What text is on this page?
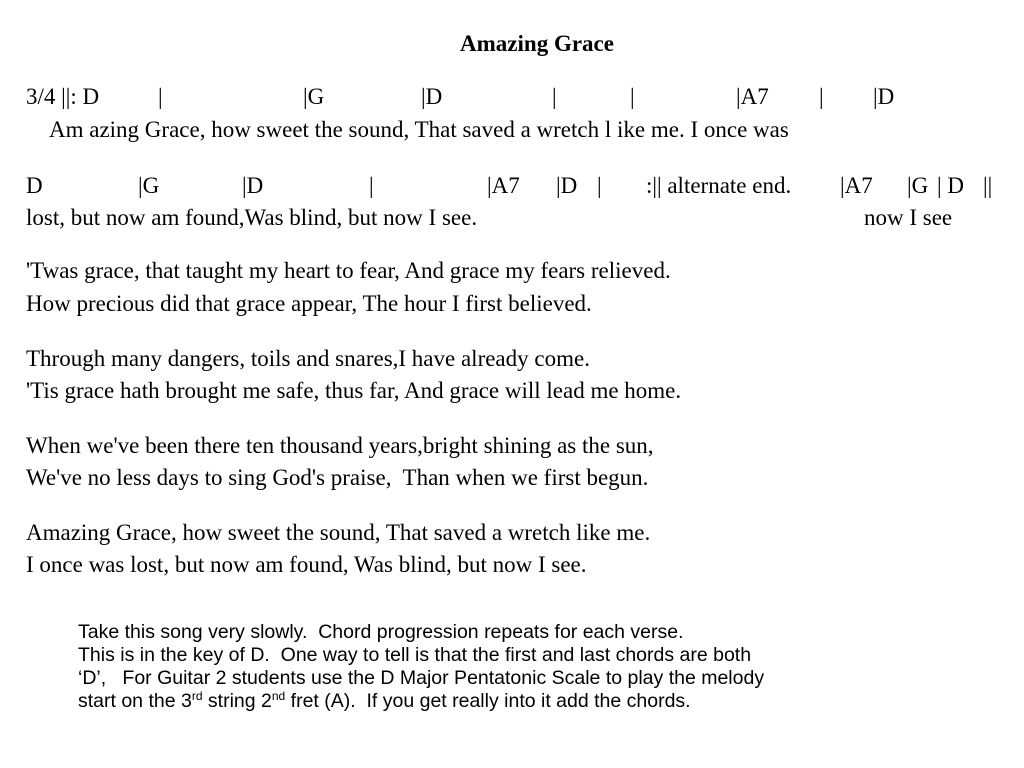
Amazing Grace

3/4 ||: D

	|

	|G

	|D

	|

	|

	|A7

|

|D

Am azing Grace, how sweet the sound, That saved a wretch l ike me. I once was

D

	|G

	|D

	|

	|A7

|D

|

:|| alternate end.

|A7

|G

| D

||

lost, but now am found,Was blind, but now I see.	now I see
'Twas grace, that taught my heart to fear, And grace my fears relieved.
How precious did that grace appear, The hour I first believed.
Through many dangers, toils and snares,I have already come.
'Tis grace hath brought me safe, thus far, And grace will lead me home.
When we've been there ten thousand years,bright shining as the sun,
We've no less days to sing God's praise,  Than when we first begun.
Amazing Grace, how sweet the sound, That saved a wretch like me.
I once was lost, but now am found, Was blind, but now I see.
Take this song very slowly.  Chord progression repeats for each verse.
This is in the key of D.  One way to tell is that the first and last chords are both
‘D’,   For Guitar 2 students use the D Major Pentatonic Scale to play the melody
start on the 3rd string 2nd fret (A).  If you get really into it add the chords.
